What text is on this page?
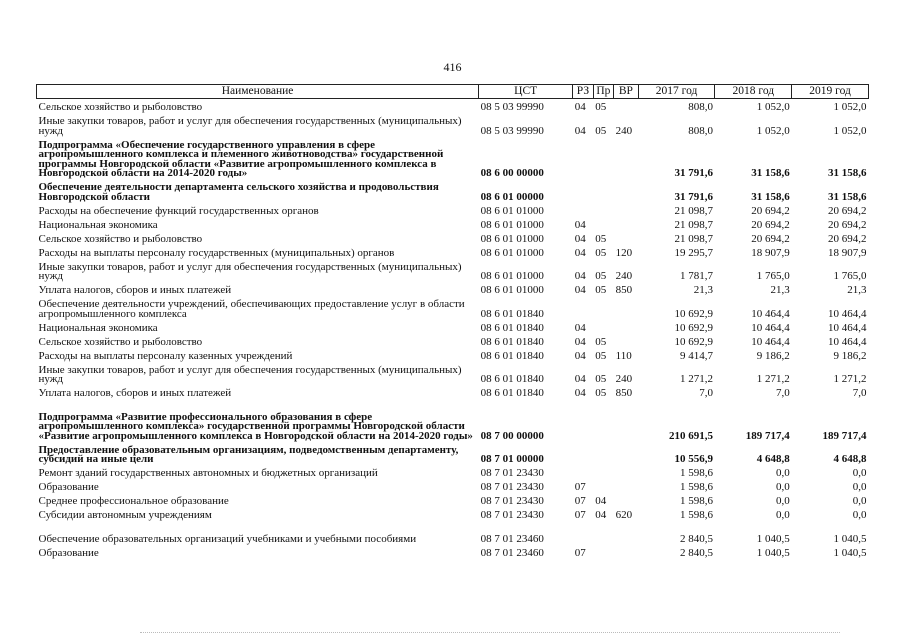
416
Наименование	ЦСТ	РЗ	Пр	ВР	2017 год	2018 год	2019 год
Сельское хозяйство и рыболовство	08 5 03 99990	04	05		808,0	1 052,0	1 052,0
Иные закупки товаров, работ и услуг для обеспечения государственных (муниципальных) нужд	08 5 03 99990	04	05	240	808,0	1 052,0	1 052,0
Подпрограмма «Обеспечение государственного управления в сфере агропромышленного комплекса и племенного животноводства» государственной программы Новгородской области «Развитие агропромышленного комплекса в Новгородской области на 2014-2020 годы»	08 6 00 00000				31 791,6	31 158,6	31 158,6
Обеспечение деятельности департамента сельского хозяйства и продовольствия Новгородской области	08 6 01 00000				31 791,6	31 158,6	31 158,6
Расходы на обеспечение функций государственных органов	08 6 01 01000				21 098,7	20 694,2	20 694,2
Национальная экономика	08 6 01 01000	04			21 098,7	20 694,2	20 694,2
Сельское хозяйство и рыболовство	08 6 01 01000	04	05		21 098,7	20 694,2	20 694,2
Расходы на выплаты персоналу государственных (муниципальных) органов	08 6 01 01000	04	05	120	19 295,7	18 907,9	18 907,9
Иные закупки товаров, работ и услуг для обеспечения государственных (муниципальных) нужд	08 6 01 01000	04	05	240	1 781,7	1 765,0	1 765,0
Уплата налогов, сборов и иных платежей	08 6 01 01000	04	05	850	21,3	21,3	21,3
Обеспечение деятельности учреждений, обеспечивающих предоставление услуг в области агропромышленного комплекса	08 6 01 01840				10 692,9	10 464,4	10 464,4
Национальная экономика	08 6 01 01840	04			10 692,9	10 464,4	10 464,4
Сельское хозяйство и рыболовство	08 6 01 01840	04	05		10 692,9	10 464,4	10 464,4
Расходы на выплаты персоналу казенных учреждений	08 6 01 01840	04	05	110	9 414,7	9 186,2	9 186,2
Иные закупки товаров, работ и услуг для обеспечения государственных (муниципальных) нужд	08 6 01 01840	04	05	240	1 271,2	1 271,2	1 271,2
Уплата налогов, сборов и иных платежей	08 6 01 01840	04	05	850	7,0	7,0	7,0
Подпрограмма «Развитие профессионального образования в сфере агропромышленного комплекса» государственной программы Новгородской области «Развитие агропромышленного комплекса в Новгородской области на 2014-2020 годы»	08 7 00 00000				210 691,5	189 717,4	189 717,4
Предоставление образовательным организациям, подведомственным департаменту, субсидий на иные цели	08 7 01 00000				10 556,9	4 648,8	4 648,8
Ремонт зданий государственных автономных и бюджетных организаций	08 7 01 23430				1 598,6	0,0	0,0
Образование	08 7 01 23430	07			1 598,6	0,0	0,0
Среднее профессиональное образование	08 7 01 23430	07	04		1 598,6	0,0	0,0
Субсидии автономным учреждениям	08 7 01 23430	07	04	620	1 598,6	0,0	0,0
Обеспечение образовательных организаций учебниками и учебными пособиями	08 7 01 23460				2 840,5	1 040,5	1 040,5
Образование	08 7 01 23460	07			2 840,5	1 040,5	1 040,5
